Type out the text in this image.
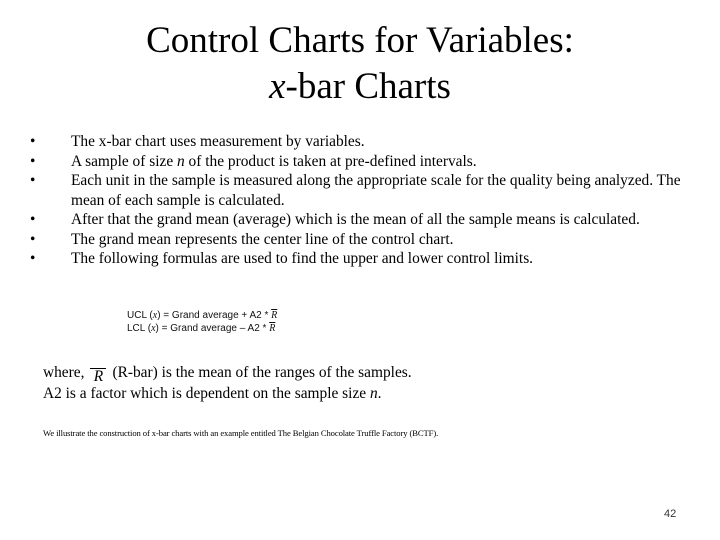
Control Charts for Variables:
x-bar Charts
• The x-bar chart uses measurement by variables.
• A sample of size n of the product is taken at pre-defined intervals.
• Each unit in the sample is measured along the appropriate scale for the quality being analyzed. The mean of each sample is calculated.
• After that the grand mean (average) which is the mean of all the sample means is calculated.
• The grand mean represents the center line of the control chart.
• The following formulas are used to find the upper and lower control limits.
UCL (x) = Grand average + $A2 * \overline{R}$
LCL (x) = Grand average – $A2 * \overline{R}$
where, R (R-bar) is the mean of the ranges of the samples.
A2 is a factor which is dependent on the sample size n.
We illustrate the construction of x-bar charts with an example entitled The Belgian Chocolate Truffle Factory (BCTF).
42
